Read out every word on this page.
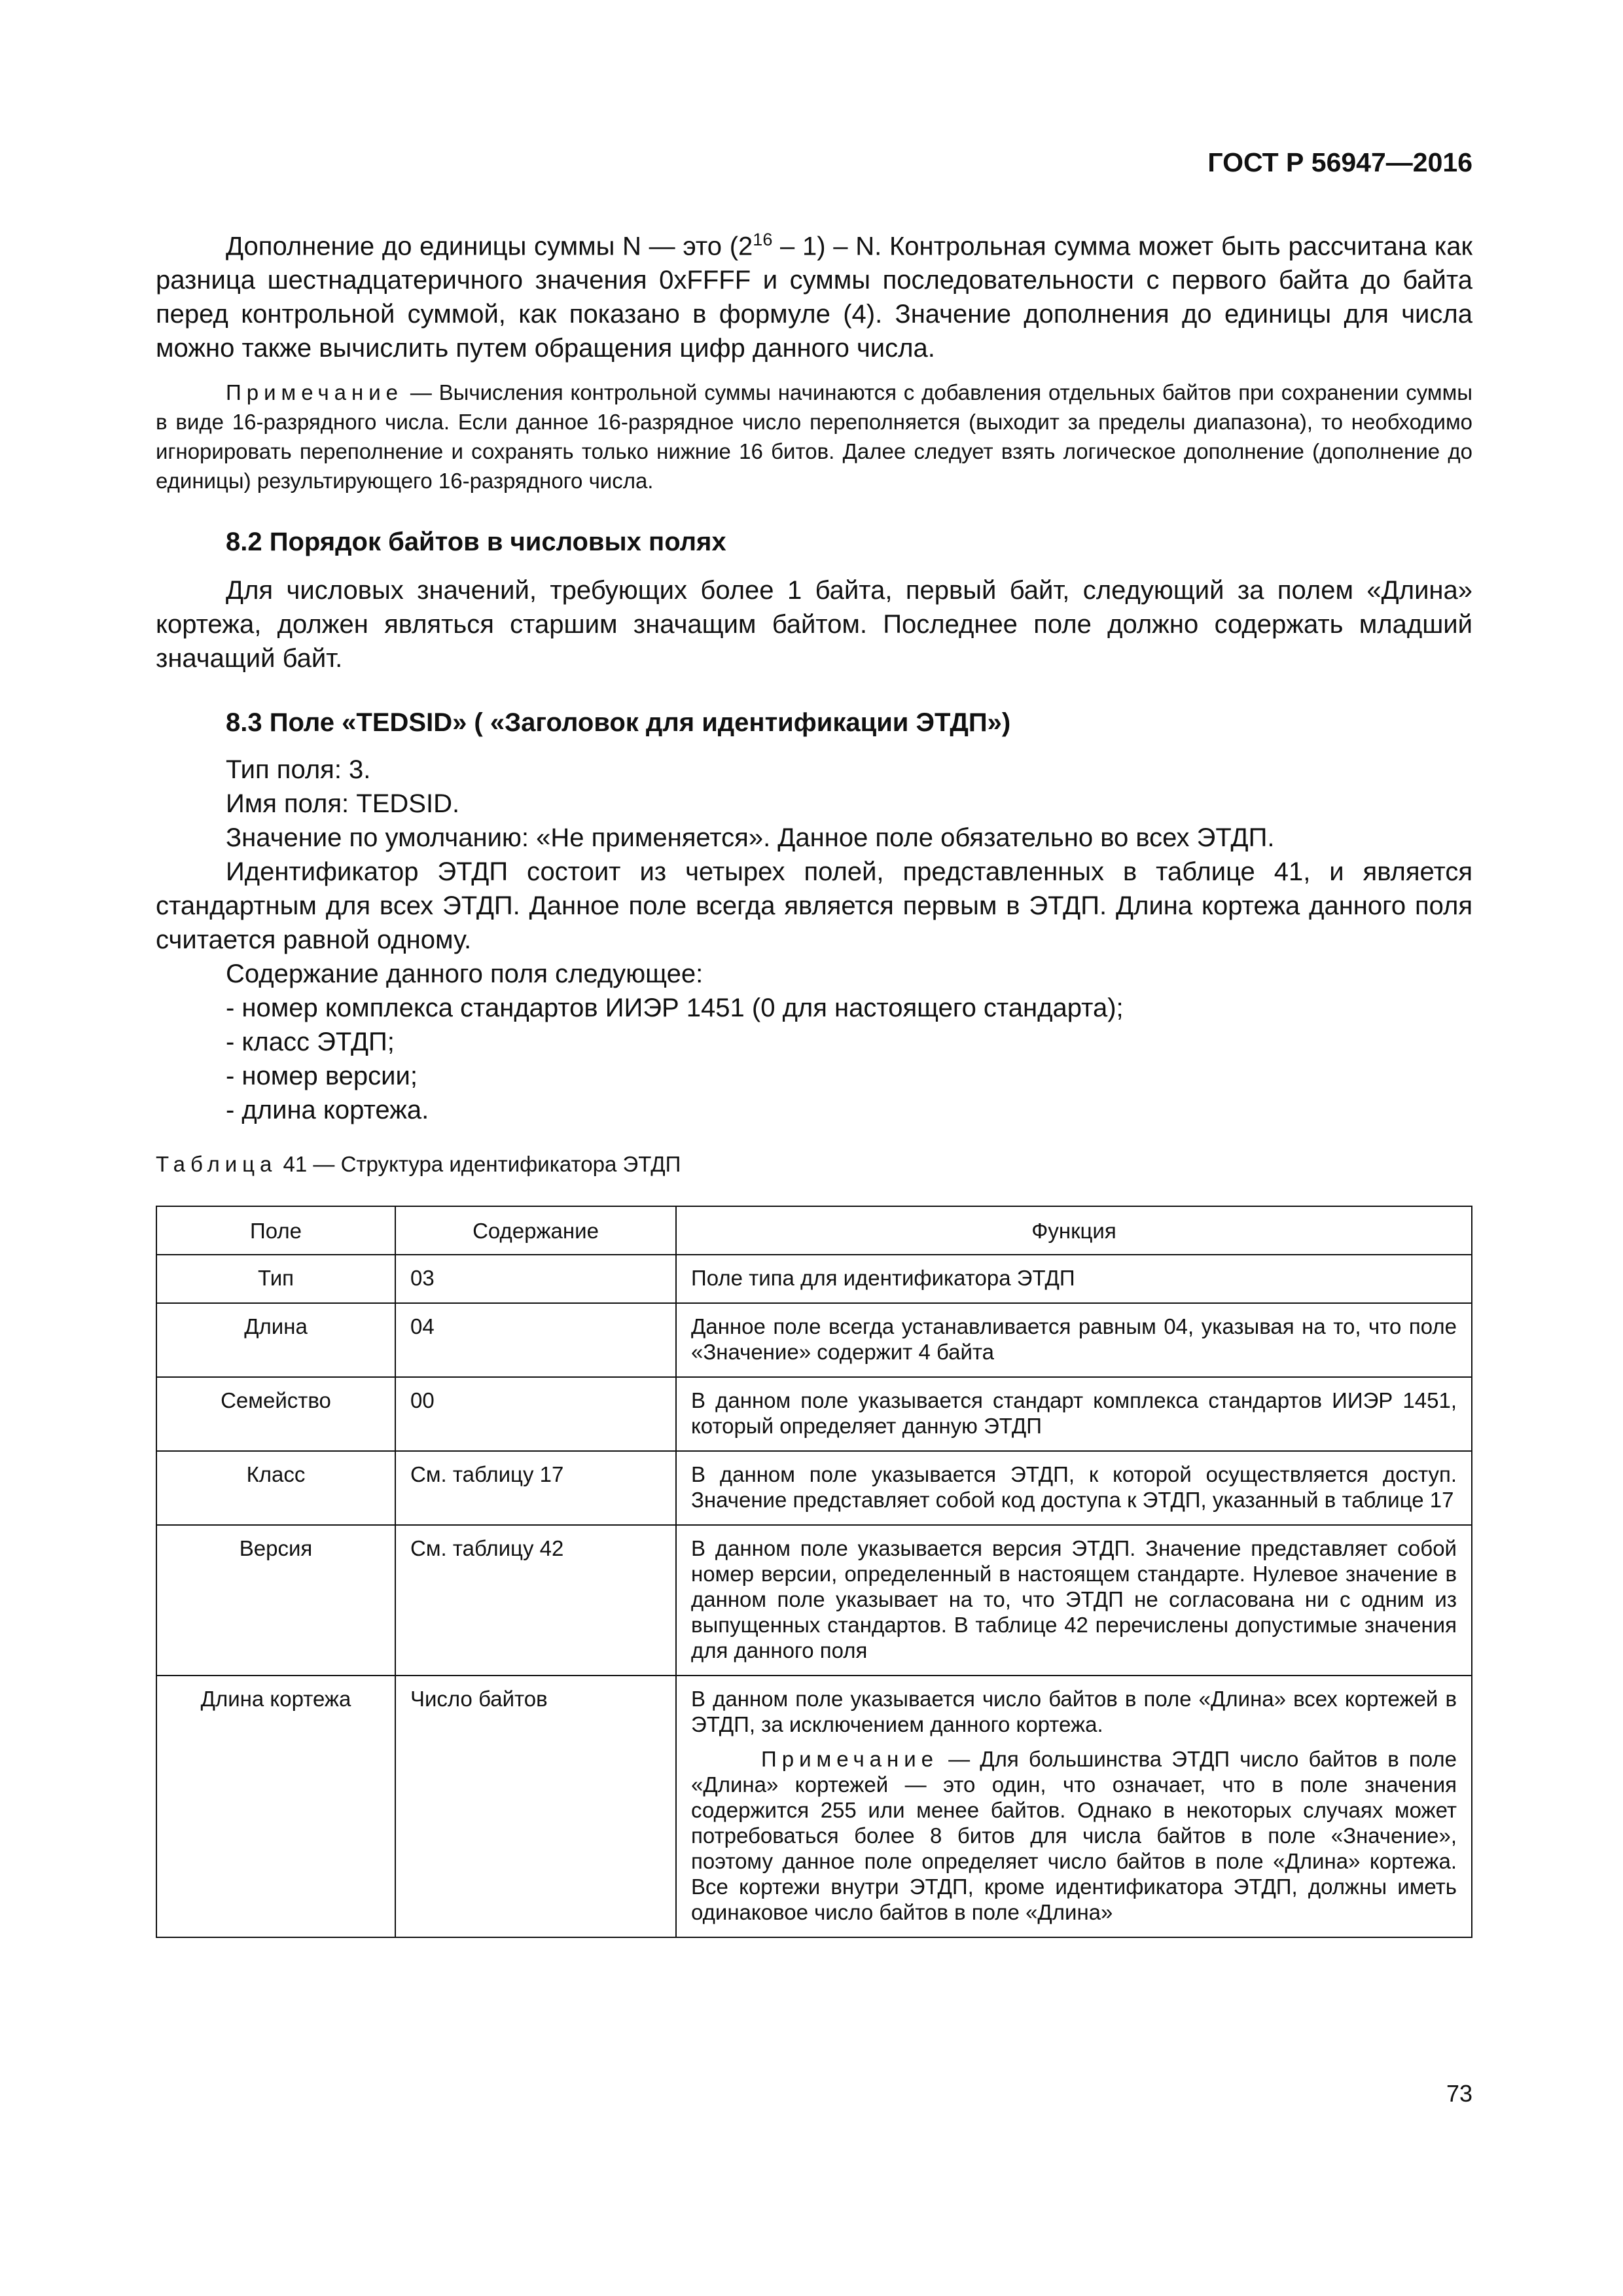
ГОСТ Р 56947—2016
Дополнение до единицы суммы N — это $(2^{16} - 1)$ – N. Контрольная сумма может быть рассчитана как разница шестнадцатеричного значения 0xFFFF и суммы последовательности с первого байта до байта перед контрольной суммой, как показано в формуле (4). Значение дополнения до единицы для числа можно также вычислить путем обращения цифр данного числа.
Примечание — Вычисления контрольной суммы начинаются с добавления отдельных байтов при сохранении суммы в виде 16-разрядного числа. Если данное 16-разрядное число переполняется (выходит за пределы диапазона), то необходимо игнорировать переполнение и сохранять только нижние 16 битов. Далее следует взять логическое дополнение (дополнение до единицы) результирующего 16-разрядного числа.
8.2 Порядок байтов в числовых полях
Для числовых значений, требующих более 1 байта, первый байт, следующий за полем «Длина» кортежа, должен являться старшим значащим байтом. Последнее поле должно содержать младший значащий байт.
8.3 Поле «TEDSID» ( «Заголовок для идентификации ЭТДП»)
Тип поля: 3.
Имя поля: TEDSID.
Значение по умолчанию: «Не применяется». Данное поле обязательно во всех ЭТДП.
Идентификатор ЭТДП состоит из четырех полей, представленных в таблице 41, и является стандартным для всех ЭТДП. Данное поле всегда является первым в ЭТДП. Длина кортежа данного поля считается равной одному.
Содержание данного поля следующее:
- номер комплекса стандартов ИИЭР 1451 (0 для настоящего стандарта);
- класс ЭТДП;
- номер версии;
- длина кортежа.
Таблица 41 — Структура идентификатора ЭТДП
Поле	Содержание	Функция
Тип	03	Поле типа для идентификатора ЭТДП
Длина	04	Данное поле всегда устанавливается равным 04, указывая на то, что поле «Значение» содержит 4 байта
Семейство	00	В данном поле указывается стандарт комплекса стандартов ИИЭР 1451, который определяет данную ЭТДП
Класс	См. таблицу 17	В данном поле указывается ЭТДП, к которой осуществляется доступ. Значение представляет собой код доступа к ЭТДП, указанный в таблице 17
Версия	См. таблицу 42	В данном поле указывается версия ЭТДП. Значение представляет собой номер версии, определенный в настоящем стандарте. Нулевое значение в данном поле указывает на то, что ЭТДП не согласована ни с одним из выпущенных стандартов. В таблице 42 перечислены допустимые значения для данного поля
Длина кортежа	Число байтов	В данном поле указывается число байтов в поле «Длина» всех кортежей в ЭТДП, за исключением данного кортежа.
Примечание — Для большинства ЭТДП число байтов в поле «Длина» кортежей — это один, что означает, что в поле значения содержится 255 или менее байтов. Однако в некоторых случаях может потребоваться более 8 битов для числа байтов в поле «Значение», поэтому данное поле определяет число байтов в поле «Длина» кортежа. Все кортежи внутри ЭТДП, кроме идентификатора ЭТДП, должны иметь одинаковое число байтов в поле «Длина»
73
